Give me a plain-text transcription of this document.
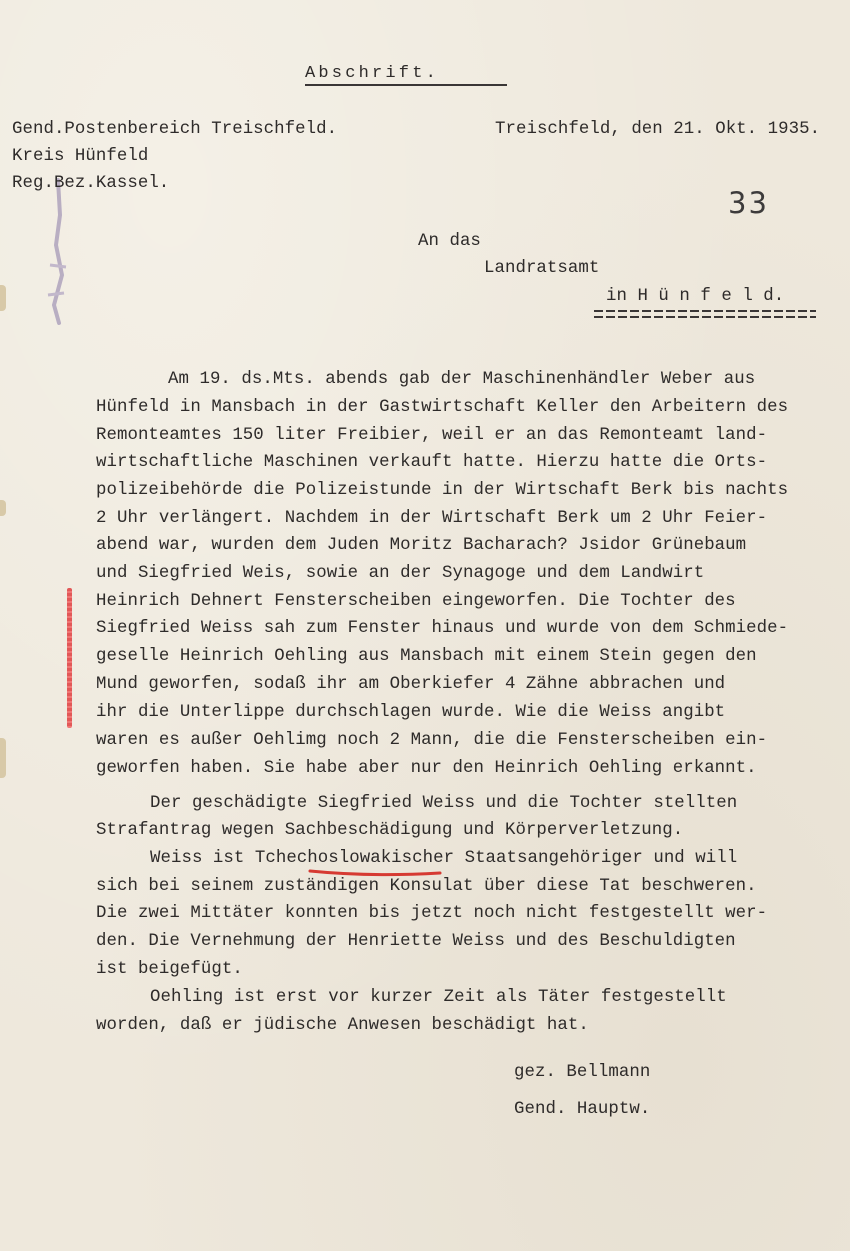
Abschrift.
Gend.Postenbereich Treischfeld.
Kreis Hünfeld
Reg.Bez.Kassel.
Treischfeld, den 21. Okt. 1935.
33
An das
Landratsamt
in H ü n f e l d.
Am 19. ds.Mts. abends gab der Maschinenhändler Weber aus
Hünfeld in Mansbach in der Gastwirtschaft Keller den Arbeitern des
Remonteamtes 150 liter Freibier, weil er an das Remonteamt land-
wirtschaftliche Maschinen verkauft hatte. Hierzu hatte die Orts-
polizeibehörde die Polizeistunde in der Wirtschaft Berk bis nachts
2 Uhr verlängert. Nachdem in der Wirtschaft Berk um 2 Uhr Feier-
abend war, wurden dem Juden Moritz Bacharach? Jsidor Grünebaum
und Siegfried Weis, sowie an der Synagoge und dem Landwirt
Heinrich Dehnert Fensterscheiben eingeworfen. Die Tochter des
Siegfried Weiss sah zum Fenster hinaus und wurde von dem Schmiede-
geselle Heinrich Oehling aus Mansbach mit einem Stein gegen den
Mund geworfen, sodaß ihr am Oberkiefer 4 Zähne abbrachen und
ihr die Unterlippe durchschlagen wurde. Wie die Weiss angibt
waren es außer Oehlimg noch 2 Mann, die die Fensterscheiben ein-
geworfen haben. Sie habe aber nur den Heinrich Oehling erkannt.
Der geschädigte Siegfried Weiss und die Tochter stellten
Strafantrag wegen Sachbeschädigung und Körperverletzung.
Weiss ist Tchechoslowakischer Staatsangehöriger und will
sich bei seinem zuständigen Konsulat über diese Tat beschweren.
Die zwei Mittäter konnten bis jetzt noch nicht festgestellt wer-
den. Die Vernehmung der Henriette Weiss und des Beschuldigten
ist beigefügt.
Oehling ist erst vor kurzer Zeit als Täter festgestellt
worden, daß er jüdische Anwesen beschädigt hat.
gez. Bellmann
Gend. Hauptw.
